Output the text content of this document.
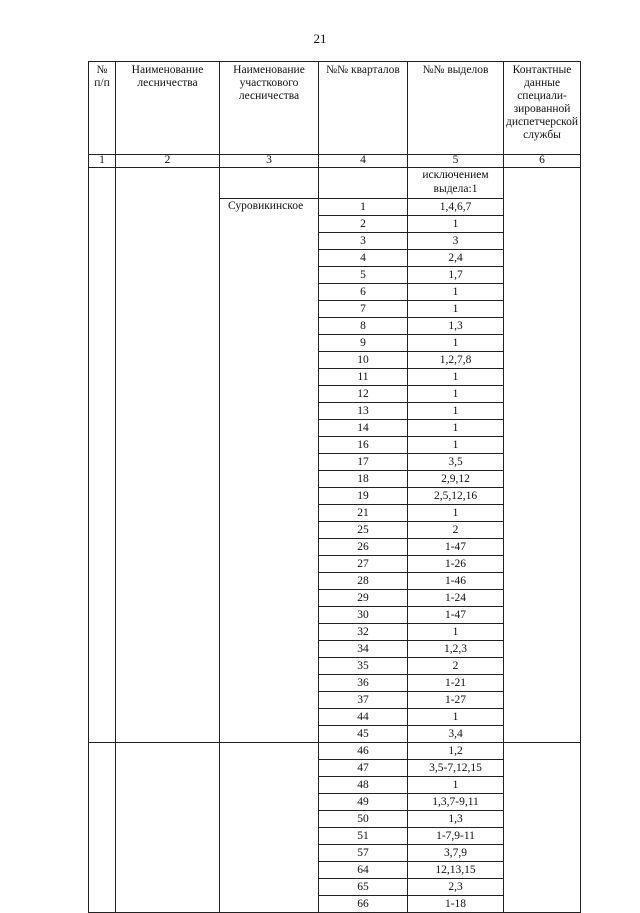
21
№ п/п	Наименование лесничества	Наименование участкового лесничества	№№ кварталов	№№ выделов	Контактные данные специали-зированной диспетчерской службы
1	2	3	4	5	6
				исключением выдела:1	
		Суровикинское	1	1,4,6,7	
			2	1	
			3	3	
			4	2,4	
			5	1,7	
			6	1	
			7	1	
			8	1,3	
			9	1	
			10	1,2,7,8	
			11	1	
			12	1	
			13	1	
			14	1	
			16	1	
			17	3,5	
			18	2,9,12	
			19	2,5,12,16	
			21	1	
			25	2	
			26	1-47	
			27	1-26	
			28	1-46	
			29	1-24	
			30	1-47	
			32	1	
			34	1,2,3	
			35	2	
			36	1-21	
			37	1-27	
			44	1	
			45	3,4	
			46	1,2	
			47	3,5-7,12,15	
			48	1	
			49	1,3,7-9,11	
			50	1,3	
			51	1-7,9-11	
			57	3,7,9	
			64	12,13,15	
			65	2,3	
			66	1-18	
